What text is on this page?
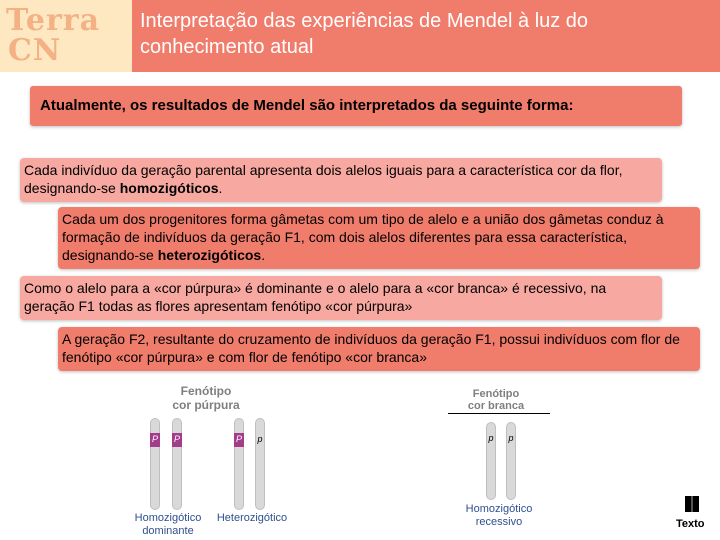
Terra
CN
Interpretação das experiências de Mendel à luz do conhecimento atual
Atualmente, os resultados de Mendel são interpretados da seguinte forma:
Cada indivíduo da geração parental apresenta dois alelos iguais para a característica cor da flor, designando-se homozigóticos.
Cada um dos progenitores forma gâmetas com um tipo de alelo e a união dos gâmetas conduz à formação de indivíduos da geração F1, com dois alelos diferentes para essa característica, designando-se heterozigóticos.
Como o alelo para a «cor púrpura» é dominante e o alelo para a «cor branca» é recessivo, na geração F1 todas as flores apresentam fenótipo «cor púrpura»
A geração F2, resultante do cruzamento de indivíduos da geração F1, possui indivíduos com flor de fenótipo «cor púrpura» e com flor de fenótipo «cor branca»
Fenótipo
cor púrpura
P P	P p
Homozigótico
dominante
Heterozigótico
Fenótipo
cor branca
p p
Homozigótico
recessivo	Texto
